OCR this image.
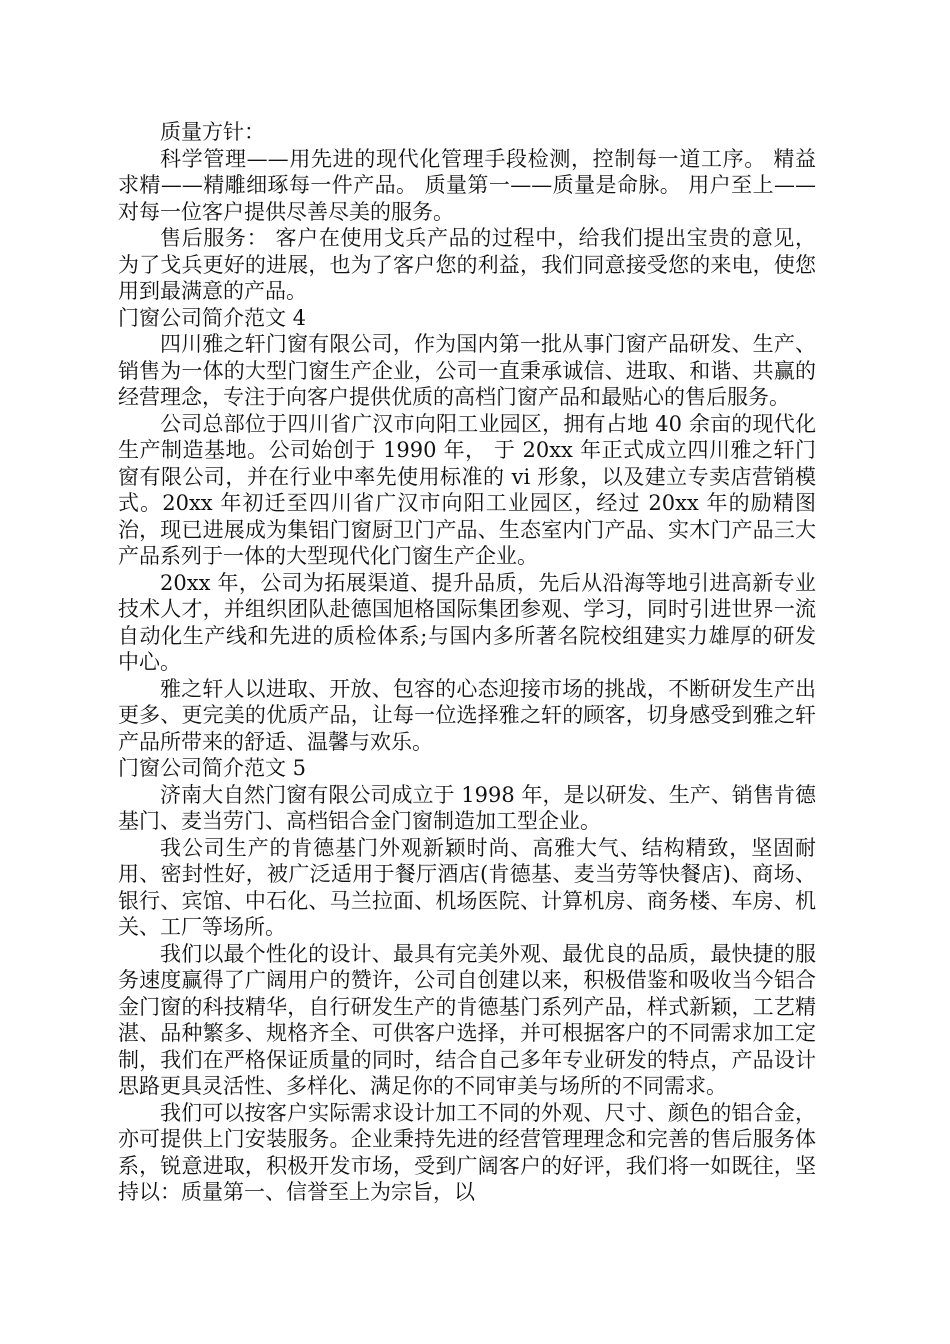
质量方针：

科学管理——用先进的现代化管理手段检测，控制每一道工序。 精益求精——精雕细琢每一件产品。 质量第一——质量是命脉。 用户至上——对每一位客户提供尽善尽美的服务。

售后服务： 客户在使用戈兵产品的过程中，给我们提出宝贵的意见，为了戈兵更好的进展，也为了客户您的利益，我们同意接受您的来电，使您用到最满意的产品。

门窗公司简介范文 4

四川雅之轩门窗有限公司，作为国内第一批从事门窗产品研发、生产、销售为一体的大型门窗生产企业，公司一直秉承诚信、进取、和谐、共赢的经营理念，专注于向客户提供优质的高档门窗产品和最贴心的售后服务。

公司总部位于四川省广汉市向阳工业园区，拥有占地 40 余亩的现代化生产制造基地。公司始创于 1990 年， 于 20xx 年正式成立四川雅之轩门窗有限公司，并在行业中率先使用标准的 vi 形象，以及建立专卖店营销模式。20xx 年初迁至四川省广汉市向阳工业园区，经过 20xx 年的励精图治，现已进展成为集铝门窗厨卫门产品、生态室内门产品、实木门产品三大产品系列于一体的大型现代化门窗生产企业。

20xx 年，公司为拓展渠道、提升品质，先后从沿海等地引进高新专业技术人才，并组织团队赴德国旭格国际集团参观、学习，同时引进世界一流自动化生产线和先进的质检体系;与国内多所著名院校组建实力雄厚的研发中心。

雅之轩人以进取、开放、包容的心态迎接市场的挑战，不断研发生产出更多、更完美的优质产品，让每一位选择雅之轩的顾客，切身感受到雅之轩产品所带来的舒适、温馨与欢乐。

门窗公司简介范文 5

济南大自然门窗有限公司成立于 1998 年，是以研发、生产、销售肯德基门、麦当劳门、高档铝合金门窗制造加工型企业。

我公司生产的肯德基门外观新颖时尚、高雅大气、结构精致，坚固耐用、密封性好，被广泛适用于餐厅酒店(肯德基、麦当劳等快餐店)、商场、银行、宾馆、中石化、马兰拉面、机场医院、计算机房、商务楼、车房、机关、工厂等场所。

我们以最个性化的设计、最具有完美外观、最优良的品质，最快捷的服务速度赢得了广阔用户的赞许，公司自创建以来，积极借鉴和吸收当今铝合金门窗的科技精华，自行研发生产的肯德基门系列产品，样式新颖，工艺精湛、品种繁多、规格齐全、可供客户选择，并可根据客户的不同需求加工定制，我们在严格保证质量的同时，结合自己多年专业研发的特点，产品设计思路更具灵活性、多样化、满足你的不同审美与场所的不同需求。

我们可以按客户实际需求设计加工不同的外观、尺寸、颜色的铝合金，亦可提供上门安装服务。企业秉持先进的经营管理理念和完善的售后服务体系，锐意进取，积极开发市场，受到广阔客户的好评，我们将一如既往，坚持以：质量第一、信誉至上为宗旨，以
